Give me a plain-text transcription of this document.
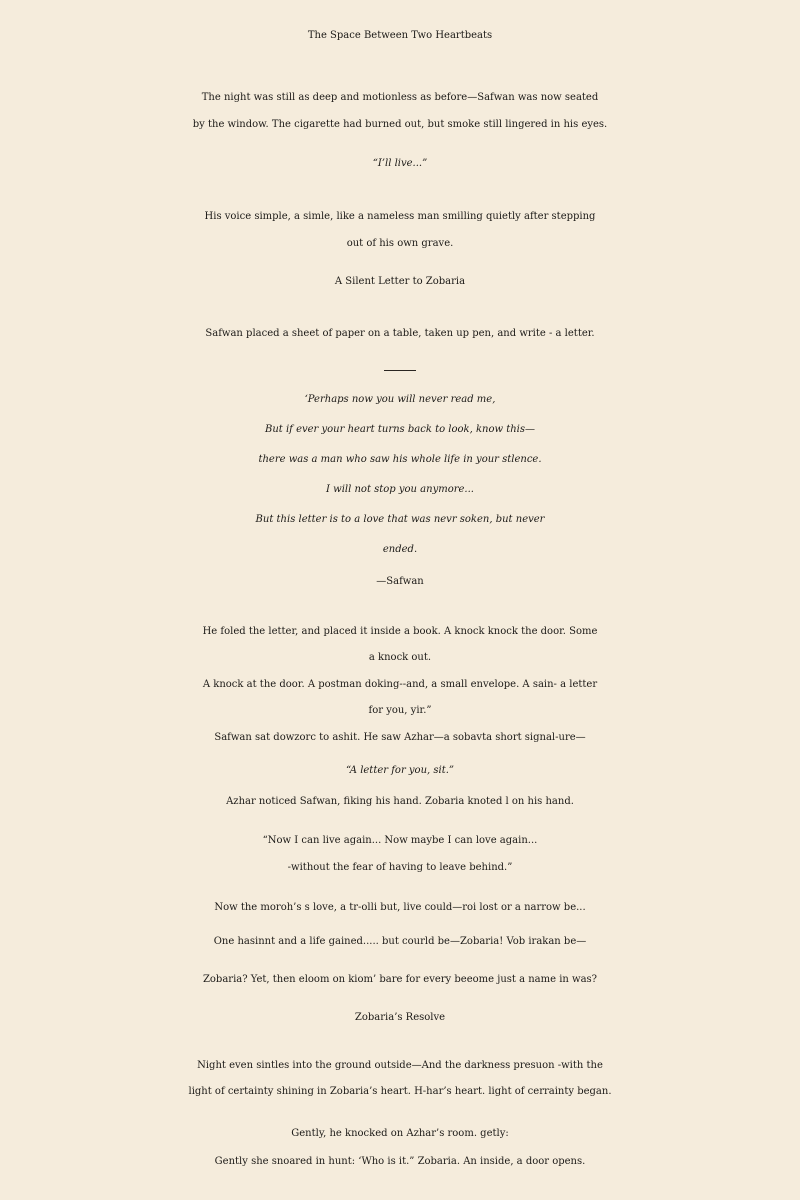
The Space Between Two Heartbeats

The night was still as deep and motionless as before—Safwan was now seated

by the window. The cigarette had burned out, but smoke still lingered in his eyes.

“I’ll live...”

His voice simple, a simle, like a nameless man smilling quietly after stepping

out of his own grave.

A Silent Letter to Zobaria

Safwan placed a sheet of paper on a table, taken up pen, and write - a letter.

‘Perhaps now you will never read me,

But if ever your heart turns back to look, know this—

there was a man who saw his whole life in your stlence.

I will not stop you anymore...

But this letter is to a love that was nevr soken, but never

ended.

—Safwan

He foled the letter, and placed it inside a book. A knock knock the door. Some

a knock out.

A knock at the door. A postman doking--and, a small envelope. A sain- a letter

for you, yir.”

Safwan sat dowzorc to ashit. He saw Azhar—a sobavta short signal-ure—

“A letter for you, sit.”

Azhar noticed Safwan, fiking his hand. Zobaria knoted l on his hand.

“Now I can live again... Now maybe I can love again...

-without the fear of having to leave behind.”

Now the moroh’s s love, a tr-olli but, live could—roi lost or a narrow be...

One hasinnt and a life gained..... but courld be—Zobaria! Vob irakan be—

Zobaria? Yet, then eloom on kiom’ bare for every beeome just a name in was?

Zobaria’s Resolve

Night even sintles into the ground outside—And the darkness presuon -with the

light of certainty shining in Zobaria’s heart. H-har’s heart. light of cerrainty began.

Gently, he knocked on Azhar’s room. getly:

Gently she snoared in hunt: ‘Who is it.” Zobaria. An inside, a door opens.
